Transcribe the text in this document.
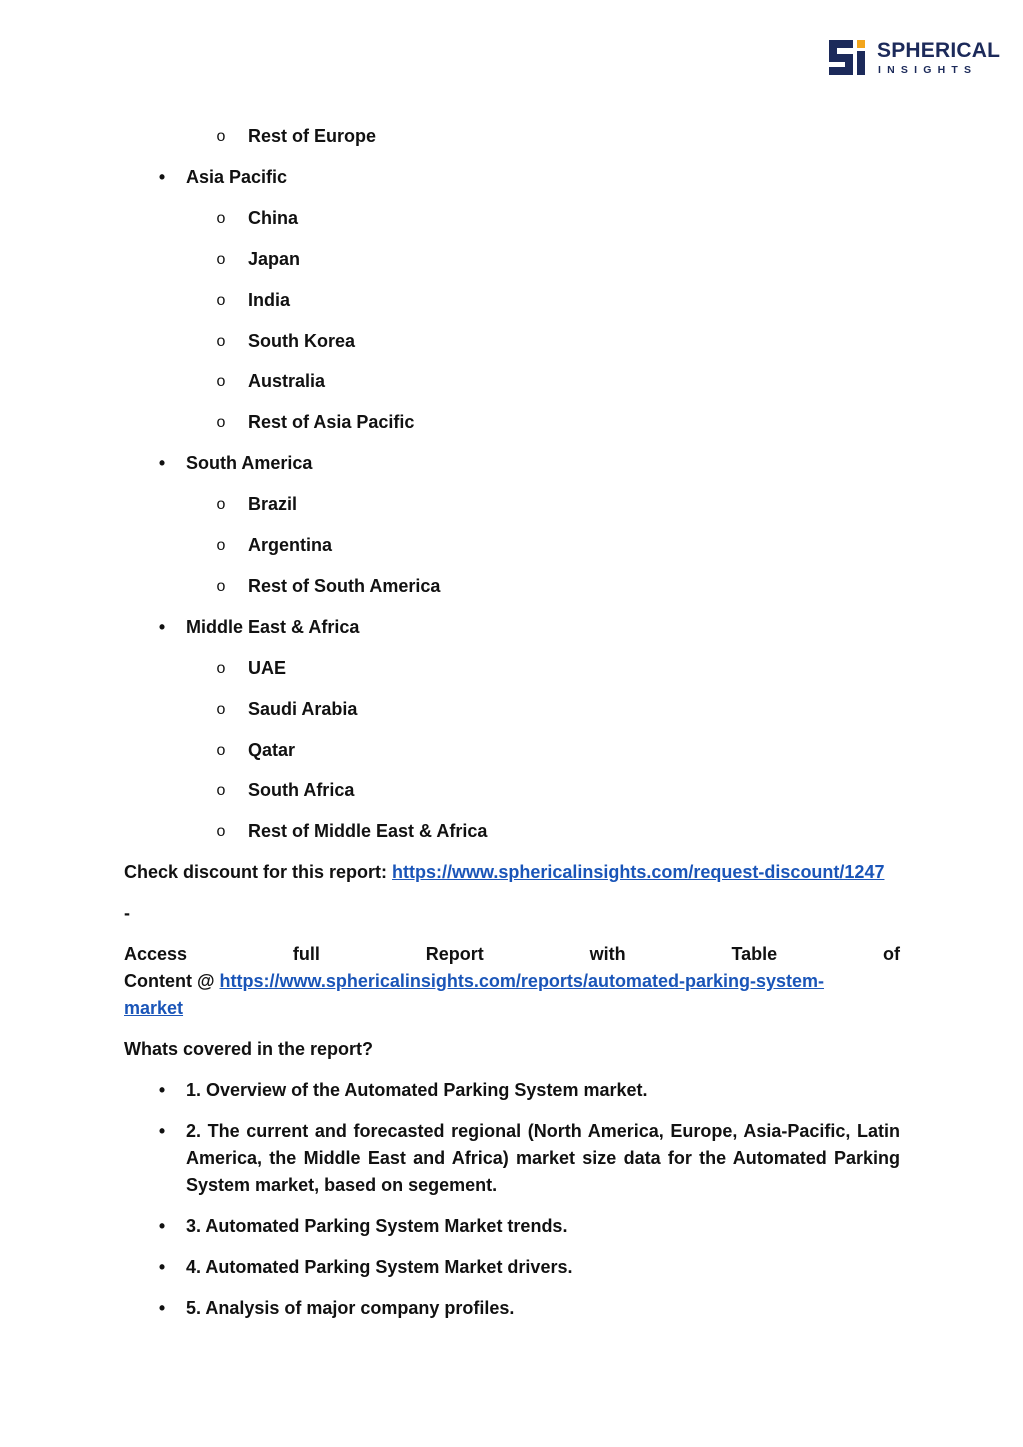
SPHERICAL
INSIGHTS
o Rest of Europe
• Asia Pacific
o China
o Japan
o India
o South Korea
o Australia
o Rest of Asia Pacific
• South America
o Brazil
o Argentina
o Rest of South America
• Middle East & Africa
o UAE
o Saudi Arabia
o Qatar
o South Africa
o Rest of Middle East & Africa
Check discount for this report: https://www.sphericalinsights.com/request-discount/1247
-
Access	full	Report	with	Table	of
Content @ https://www.sphericalinsights.com/reports/automated-parking-system-
market
Whats covered in the report?
• 1. Overview of the Automated Parking System market.
• 2. The current and forecasted regional (North America, Europe, Asia-Pacific, Latin America, the Middle East and Africa) market size data for the Automated Parking System market, based on segement.
• 3. Automated Parking System Market trends.
• 4. Automated Parking System Market drivers.
• 5. Analysis of major company profiles.
